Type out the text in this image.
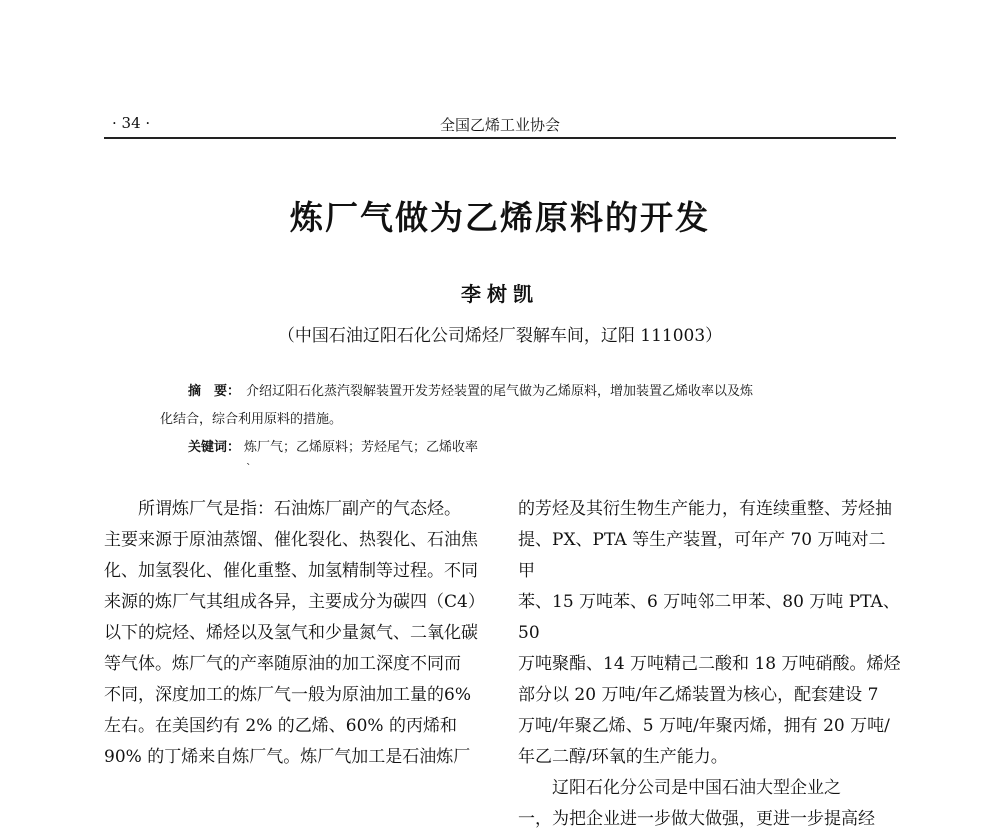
· 34 ·	全国乙烯工业协会
炼厂气做为乙烯原料的开发
李树凯
（中国石油辽阳石化公司烯烃厂裂解车间，辽阳 111003）
摘　要： 介绍辽阳石化蒸汽裂解装置开发芳烃装置的尾气做为乙烯原料，增加装置乙烯收率以及炼
化结合，综合利用原料的措施。
关键词： 炼厂气；乙烯原料；芳烃尾气；乙烯收率
ˋ

所谓炼厂气是指：石油炼厂副产的气态烃。

主要来源于原油蒸馏、催化裂化、热裂化、石油焦

化、加氢裂化、催化重整、加氢精制等过程。不同

来源的炼厂气其组成各异，主要成分为碳四（C4）

以下的烷烃、烯烃以及氢气和少量氮气、二氧化碳

等气体。炼厂气的产率随原油的加工深度不同而

不同，深度加工的炼厂气一般为原油加工量的6%

左右。在美国约有 2% 的乙烯、60% 的丙烯和

90% 的丁烯来自炼厂气。炼厂气加工是石油炼厂

的芳烃及其衍生物生产能力，有连续重整、芳烃抽

提、PX、PTA 等生产装置，可年产 70 万吨对二甲

苯、15 万吨苯、6 万吨邻二甲苯、80 万吨 PTA、50

万吨聚酯、14 万吨精己二酸和 18 万吨硝酸。烯烃

部分以 20 万吨/年乙烯装置为核心，配套建设 7

万吨/年聚乙烯、5 万吨/年聚丙烯，拥有 20 万吨/

年乙二醇/环氧的生产能力。

辽阳石化分公司是中国石油大型企业之

一，为把企业进一步做大做强，更进一步提高经
